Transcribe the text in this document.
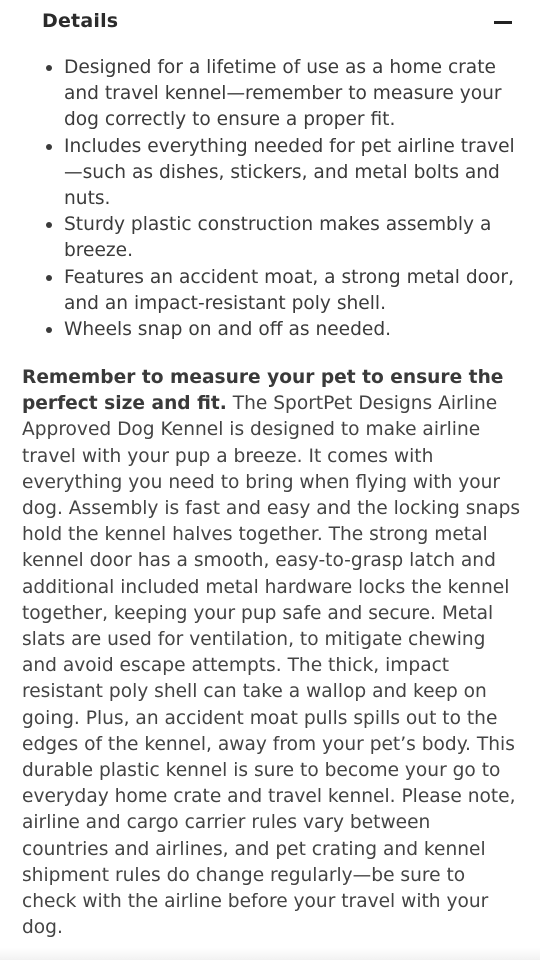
Details
Designed for a lifetime of use as a home crate and travel kennel—remember to measure your dog correctly to ensure a proper fit.
Includes everything needed for pet airline travel—such as dishes, stickers, and metal bolts and nuts.
Sturdy plastic construction makes assembly a breeze.
Features an accident moat, a strong metal door, and an impact-resistant poly shell.
Wheels snap on and off as needed.

Remember to measure your pet to ensure the perfect size and fit. The SportPet Designs Airline Approved Dog Kennel is designed to make airline travel with your pup a breeze. It comes with everything you need to bring when flying with your dog. Assembly is fast and easy and the locking snaps hold the kennel halves together. The strong metal kennel door has a smooth, easy-to-grasp latch and additional included metal hardware locks the kennel together, keeping your pup safe and secure. Metal slats are used for ventilation, to mitigate chewing and avoid escape attempts. The thick, impact resistant poly shell can take a wallop and keep on going. Plus, an accident moat pulls spills out to the edges of the kennel, away from your pet’s body. This durable plastic kennel is sure to become your go to everyday home crate and travel kennel. Please note, airline and cargo carrier rules vary between countries and airlines, and pet crating and kennel shipment rules do change regularly—be sure to check with the airline before your travel with your dog.
